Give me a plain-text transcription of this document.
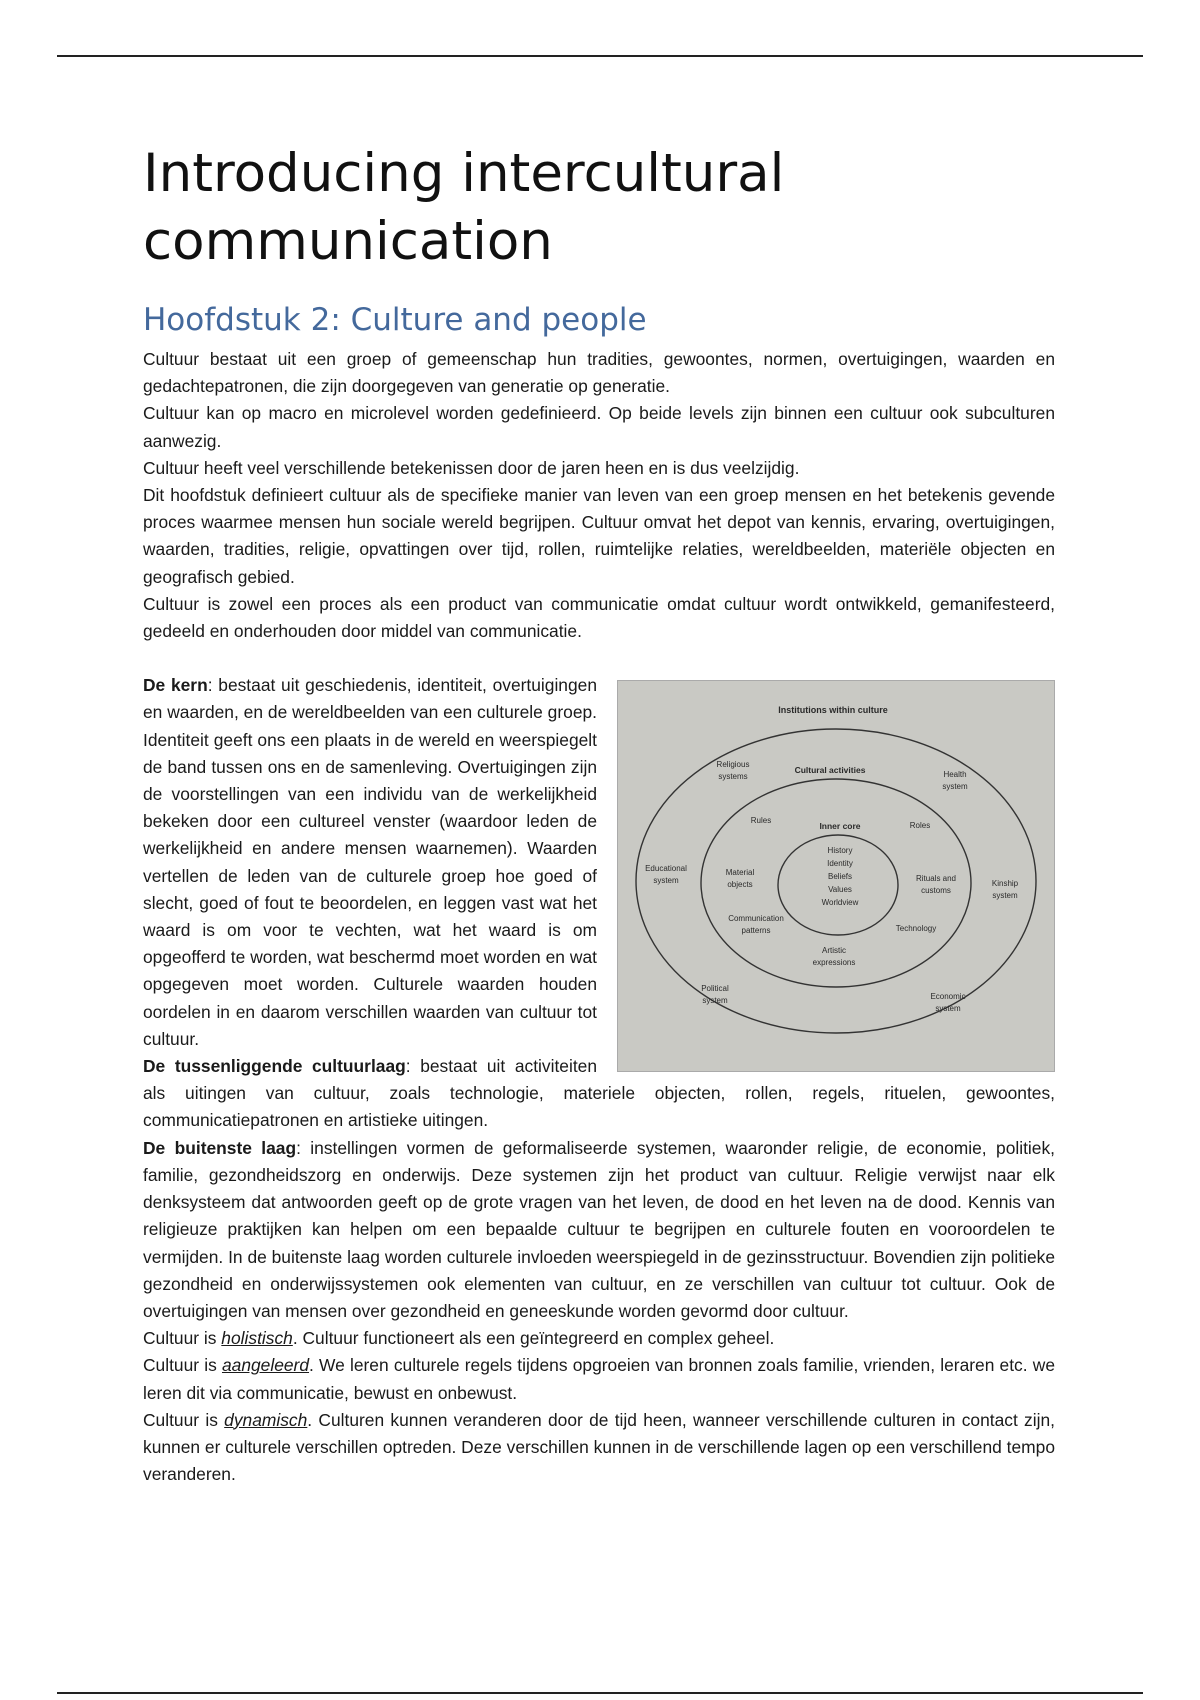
Introducing intercultural communication
Hoofdstuk 2: Culture and people

Cultuur bestaat uit een groep of gemeenschap hun tradities, gewoontes, normen, overtuigingen, waarden en gedachtepatronen, die zijn doorgegeven van generatie op generatie.

Cultuur kan op macro en microlevel worden gedefinieerd. Op beide levels zijn binnen een cultuur ook subculturen aanwezig.

Cultuur heeft veel verschillende betekenissen door de jaren heen en is dus veelzijdig.

Dit hoofdstuk definieert cultuur als de specifieke manier van leven van een groep mensen en het betekenis gevende proces waarmee mensen hun sociale wereld begrijpen. Cultuur omvat het depot van kennis, ervaring, overtuigingen, waarden, tradities, religie, opvattingen over tijd, rollen, ruimtelijke relaties, wereldbeelden, materiële objecten en geografisch gebied.

Cultuur is zowel een proces als een product van communicatie omdat cultuur wordt ontwikkeld, gemanifesteerd, gedeeld en onderhouden door middel van communicatie.

Institutions within culture
Cultural activities
Inner core
History
Identity
Beliefs
Values
Worldview
Rules
Roles
Material
objects
Rituals and
customs
Communication
patterns	Technology
Artistic
expressions
Religious
systems	Health
system
Educational
system	Kinship
system
Political
system	Economic
system

De kern: bestaat uit geschiedenis, identiteit, overtuigingen en waarden, en de wereldbeelden van een culturele groep. Identiteit geeft ons een plaats in de wereld en weerspiegelt de band tussen ons en de samenleving. Overtuigingen zijn de voorstellingen van een individu van de werkelijkheid bekeken door een cultureel venster (waardoor leden de werkelijkheid en andere mensen waarnemen). Waarden vertellen de leden van de culturele groep hoe goed of slecht, goed of fout te beoordelen, en leggen vast wat het waard is om voor te vechten, wat het waard is om opgeofferd te worden, wat beschermd moet worden en wat opgegeven moet worden. Culturele waarden houden oordelen in en daarom verschillen waarden van cultuur tot cultuur.

De tussenliggende cultuurlaag: bestaat uit activiteiten als uitingen van cultuur, zoals technologie, materiele objecten, rollen, regels, rituelen, gewoontes, communicatiepatronen en artistieke uitingen.

De buitenste laag: instellingen vormen de geformaliseerde systemen, waaronder religie, de economie, politiek, familie, gezondheidszorg en onderwijs. Deze systemen zijn het product van cultuur. Religie verwijst naar elk denksysteem dat antwoorden geeft op de grote vragen van het leven, de dood en het leven na de dood. Kennis van religieuze praktijken kan helpen om een bepaalde cultuur te begrijpen en culturele fouten en vooroordelen te vermijden. In de buitenste laag worden culturele invloeden weerspiegeld in de gezinsstructuur. Bovendien zijn politieke gezondheid en onderwijssystemen ook elementen van cultuur, en ze verschillen van cultuur tot cultuur. Ook de overtuigingen van mensen over gezondheid en geneeskunde worden gevormd door cultuur.

Cultuur is holistisch. Cultuur functioneert als een geïntegreerd en complex geheel.

Cultuur is aangeleerd. We leren culturele regels tijdens opgroeien van bronnen zoals familie, vrienden, leraren etc. we leren dit via communicatie, bewust en onbewust.

Cultuur is dynamisch. Culturen kunnen veranderen door de tijd heen, wanneer verschillende culturen in contact zijn, kunnen er culturele verschillen optreden. Deze verschillen kunnen in de verschillende lagen op een verschillend tempo veranderen.
